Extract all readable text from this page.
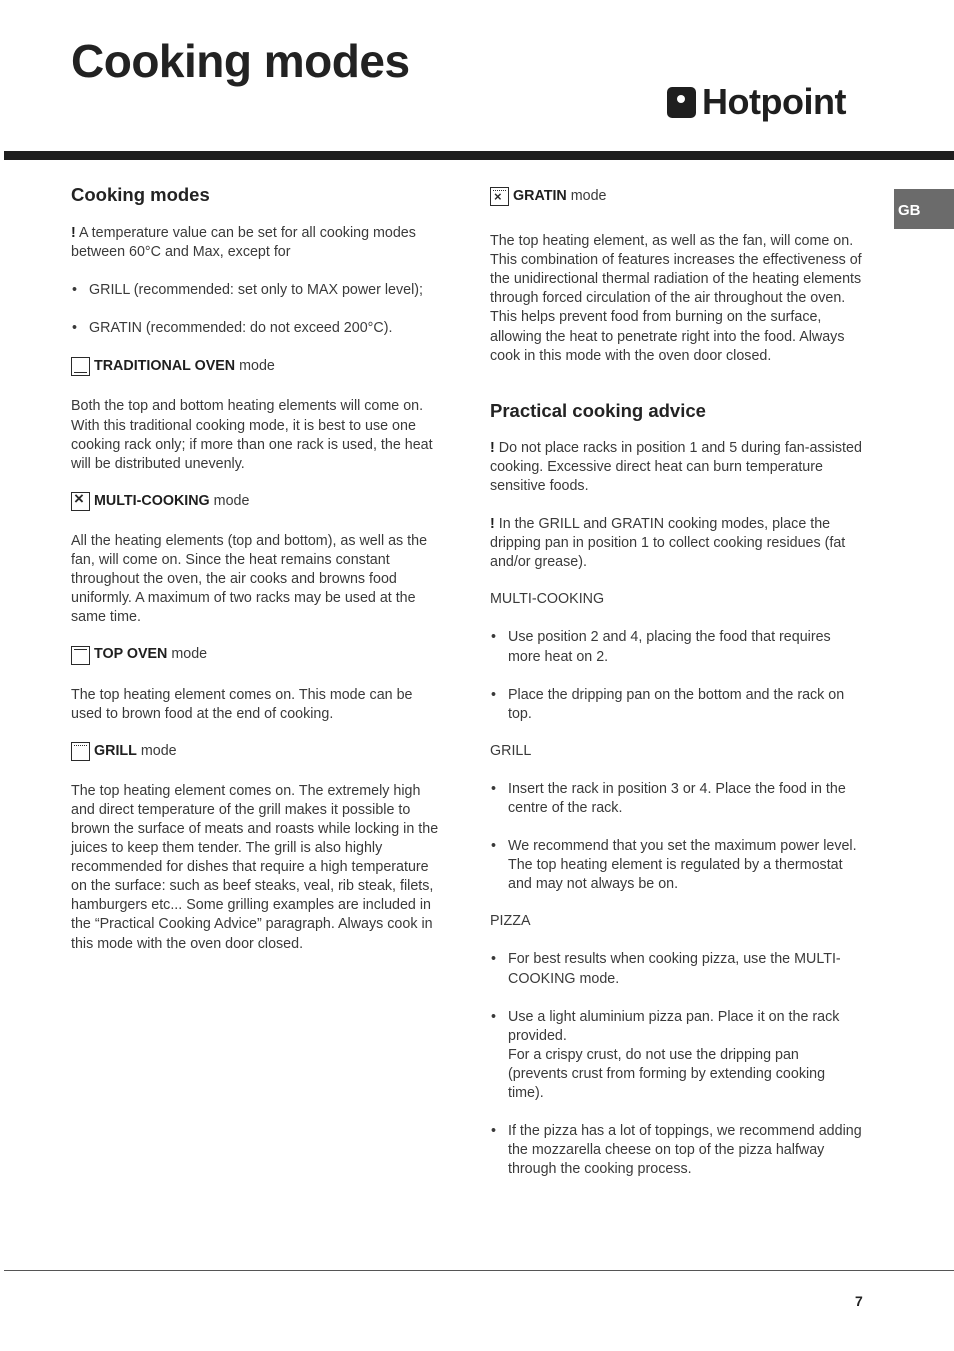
Cooking modes
Hotpoint
GB
Cooking modes

! A temperature value can be set for all cooking modes between 60°C and Max, except for

• GRILL (recommended: set only to MAX power level);
• GRATIN (recommended: do not exceed 200°C).
TRADITIONAL OVEN mode

Both the top and bottom heating elements will come on. With this traditional cooking mode, it is best to use one cooking rack only; if more than one rack is used, the heat will be distributed unevenly.

×
MULTI-COOKING mode

All the heating elements (top and bottom), as well as the fan, will come on. Since the heat remains constant throughout the oven, the air cooks and browns food uniformly. A maximum of two racks may be used at the same time.

TOP OVEN mode

The top heating element comes on. This mode can be used to brown food at the end of cooking.

GRILL mode

The top heating element comes on. The extremely high and direct temperature of the grill makes it possible to brown the surface of meats and roasts while locking in the juices to keep them tender. The grill is also highly recommended for dishes that require a high temperature on the surface: such as beef steaks, veal, rib steak, filets, hamburgers etc... Some grilling examples are included in the “Practical Cooking Advice” paragraph. Always cook in this mode with the oven door closed.

×
GRATIN mode

The top heating element, as well as the fan, will come on. This combination of features increases the effectiveness of the unidirectional thermal radiation of the heating elements through forced circulation of the air throughout the oven. This helps prevent food from burning on the surface, allowing the heat to penetrate right into the food. Always cook in this mode with the oven door closed.

Practical cooking advice

! Do not place racks in position 1 and 5 during fan-assisted cooking. Excessive direct heat can burn temperature sensitive foods.

! In the GRILL and GRATIN cooking modes, place the dripping pan in position 1 to collect cooking residues (fat and/or grease).

MULTI-COOKING

• Use position 2 and 4, placing the food that requires more heat on 2.
• Place the dripping pan on the bottom and the rack on top.

GRILL

• Insert the rack in position 3 or 4. Place the food in the centre of the rack.
• We recommend that you set the maximum power level. The top heating element is regulated by a thermostat and may not always be on.

PIZZA

• For best results when cooking pizza, use the MULTI-COOKING mode.
• Use a light aluminium pizza pan. Place it on the rack provided.
For a crispy crust, do not use the dripping pan (prevents crust from forming by extending cooking time).
• If the pizza has a lot of toppings, we recommend adding the mozzarella cheese on top of the pizza halfway through the cooking process.
7
